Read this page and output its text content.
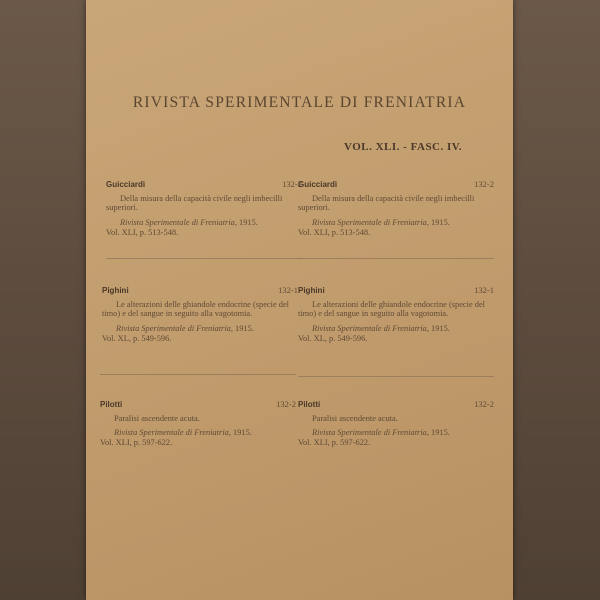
RIVISTA SPERIMENTALE DI FRENIATRIA
VOL. XLI. - FASC. IV.
Guicciardi	132-2
Della misura della capacità civile negli imbecilli superiori.
Rivista Sperimentale di Freniatria, 1915.
Vol. XLI, p. 513-548.
Guicciardi	132-2
Della misura della capacità civile negli imbecilli superiori.
Rivista Sperimentale di Freniatria, 1915.
Vol. XLI, p. 513-548.
Pighini	132-1
Le alterazioni delle ghiandole endocrine (specie del timo) e del sangue in seguito alla vagotomia.
Rivista Sperimentale di Freniatria, 1915.
Vol. XL, p. 549-596.
Pighini	132-1
Le alterazioni delle ghiandole endocrine (specie del timo) e del sangue in seguito alla vagotomia.
Rivista Sperimentale di Freniatria, 1915.
Vol. XL, p. 549-596.
Pilotti	132-2
Paralisi ascendente acuta.
Rivista Sperimentale di Freniatria, 1915.
Vol. XLI, p. 597-622.
Pilotti	132-2
Paralisi ascendente acuta.
Rivista Sperimentale di Freniatria, 1915.
Vol. XLI, p. 597-622.
